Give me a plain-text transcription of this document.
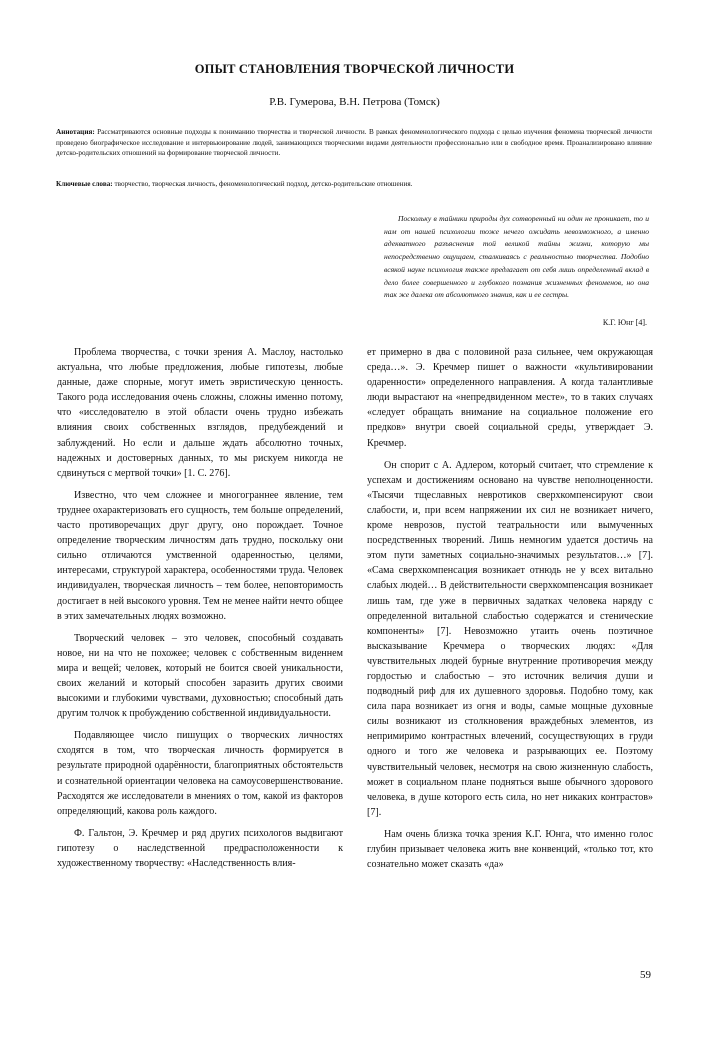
ОПЫТ СТАНОВЛЕНИЯ ТВОРЧЕСКОЙ ЛИЧНОСТИ
Р.В. Гумерова, В.Н. Петрова (Томск)
Аннотация: Рассматриваются основные подходы к пониманию творчества и творческой личности. В рамках феноменологического подхода с целью изучения феномена творческой личности проведено биографическое исследование и интервьюирование людей, занимающихся творческими видами деятельности профессионально или в свободное время. Проанализировано влияние детско-родительских отношений на формирование творческой личности.
Ключевые слова: творчество, творческая личность, феноменологический подход, детско-родительские отношения.
Поскольку в тайники природы дух сотворенный ни один не проникает, то и нам от нашей психологии тоже нечего ожидать невозможного, а именно адекватного разъяснения той великой тайны жизни, которую мы непосредственно ощущаем, сталкиваясь с реальностью творчества. Подобно всякой науке психология также предлагает от себя лишь определенный вклад в дело более совершенного и глубокого познания жизненных феноменов, но она так же далека от абсолютного знания, как и ее сестры.
К.Г. Юнг [4].

Проблема творчества, с точки зрения А. Маслоу, настолько актуальна, что любые предложения, любые гипотезы, любые данные, даже спорные, могут иметь эвристическую ценность. Такого рода исследования очень сложны, сложны именно потому, что «исследователю в этой области очень трудно избежать влияния своих собственных взглядов, предубеждений и заблуждений. Но если и дальше ждать абсолютно точных, надежных и достоверных данных, то мы рискуем никогда не сдвинуться с мертвой точки» [1. С. 276].

Известно, что чем сложнее и многограннее явление, тем труднее охарактеризовать его сущность, тем больше определений, часто противоречащих друг другу, оно порождает. Точное определение творческим личностям дать трудно, поскольку они сильно отличаются умственной одаренностью, целями, интересами, структурой характера, особенностями труда. Человек индивидуален, творческая личность – тем более, неповторимость достигает в ней высокого уровня. Тем не менее найти нечто общее в этих замечательных людях возможно.

Творческий человек – это человек, способный создавать новое, ни на что не похожее; человек с собственным виденнем мира и вещей; человек, который не боится своей уникальности, своих желаний и который способен заразить других своими высокими и глубокими чувствами, духовностью; способный дать другим толчок к пробуждению собственной индивидуальности.

Подавляющее число пишущих о творческих личностях сходятся в том, что творческая личность формируется в результате природной одарённости, благоприятных обстоятельств и сознательной ориентации человека на самоусовершенствование. Расходятся же исследователи в мнениях о том, какой из факторов определяющий, какова роль каждого.

Ф. Гальтон, Э. Кречмер и ряд других психологов выдвигают гипотезу о наследственной предрасположенности к художественному творчеству: «Наследственность влия-

ет примерно в два с половиной раза сильнее, чем окружающая среда…». Э. Кречмер пишет о важности «культивировании одаренности» определенного направления. А когда талантливые люди вырастают на «непредвиденном месте», то в таких случаях «следует обращать внимание на социальное положение его предков» внутри своей социальной среды, утверждает Э. Кречмер.

Он спорит с А. Адлером, который считает, что стремление к успехам и достижениям основано на чувстве неполноценности. «Тысячи тщеславных невротиков сверхкомпенсируют свои слабости, и, при всем напряжении их сил не возникает ничего, кроме неврозов, пустой театральности или вымученных посредственных творений. Лишь немногим удается достичь на этом пути заметных социально-значимых результатов…» [7]. «Сама сверхкомпенсация возникает отнюдь не у всех витально слабых людей… В действительности сверхкомпенсация возникает лишь там, где уже в первичных задатках человека наряду с определенной витальной слабостью содержатся и стенические компоненты» [7]. Невозможно утаить очень поэтичное высказывание Кречмера о творческих людях: «Для чувствительных людей бурные внутренние противоречия между гордостью и слабостью – это источник величия души и подводный риф для их душевного здоровья. Подобно тому, как сила пара возникает из огня и воды, самые мощные духовные силы возникают из столкновения враждебных элементов, из непримиримо контрастных влечений, сосуществующих в груди одного и того же человека и разрывающих ее. Поэтому чувствительный человек, несмотря на свою жизненную слабость, может в социальном плане подняться выше обычного здорового человека, в душе которого есть сила, но нет никаких контрастов» [7].

Нам очень близка точка зрения К.Г. Юнга, что именно голос глубин призывает человека жить вне конвенций, «только тот, кто сознательно может сказать «да»

59
